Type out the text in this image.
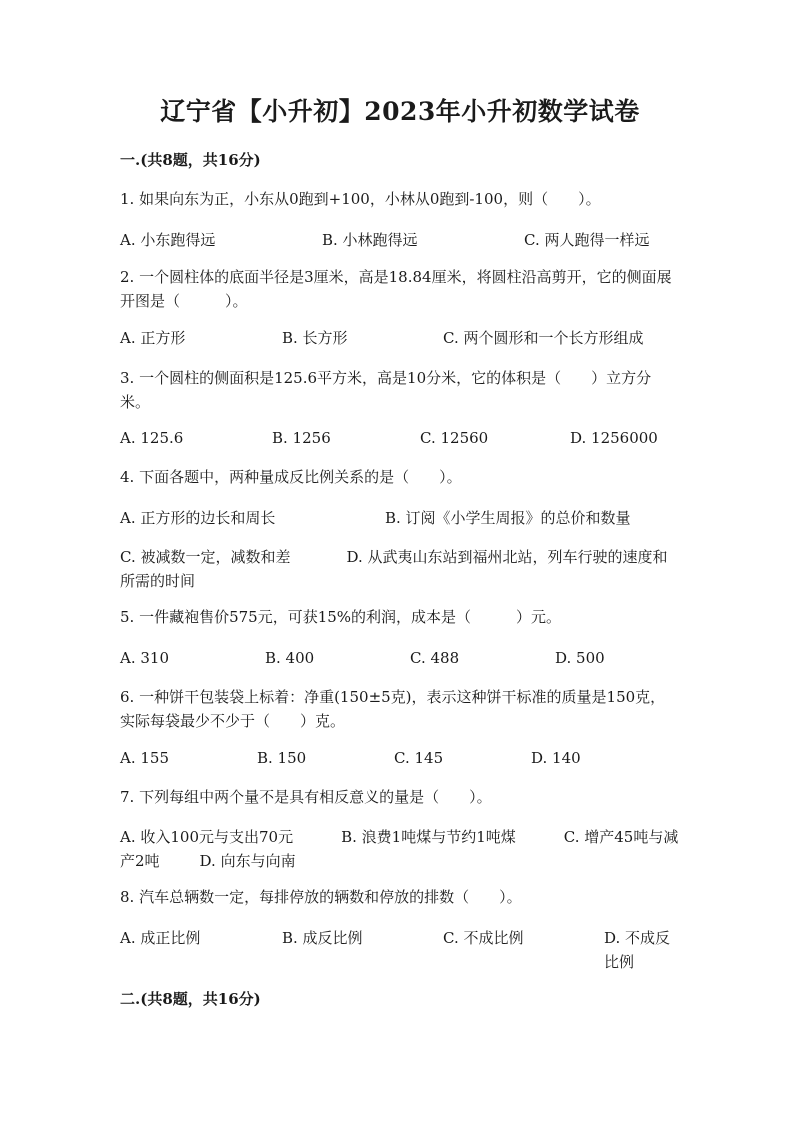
辽宁省【小升初】2023年小升初数学试卷
一.(共8题，共16分)
1. 如果向东为正，小东从0跑到+100，小林从0跑到-100，则（　　）。
A. 小东跑得远	B. 小林跑得远	C. 两人跑得一样远
2. 一个圆柱体的底面半径是3厘米，高是18.84厘米，将圆柱沿高剪开，它的侧面展开图是（　　　）。
A. 正方形	B. 长方形	C. 两个圆形和一个长方形组成
3. 一个圆柱的侧面积是125.6平方米，高是10分米，它的体积是（　　）立方分米。
A. 125.6	B. 1256	C. 12560	D. 1256000
4. 下面各题中，两种量成反比例关系的是（　　）。
A. 正方形的边长和周长	B. 订阅《小学生周报》的总价和数量
C. 被减数一定，减数和差	D. 从武夷山东站到福州北站，列车行驶的速度和所需的时间
5. 一件藏袍售价575元，可获15%的利润，成本是（　　　）元。
A. 310	B. 400	C. 488	D. 500
6. 一种饼干包装袋上标着：净重(150±5克)，表示这种饼干标准的质量是150克，实际每袋最少不少于（　　）克。
A. 155	B. 150	C. 145	D. 140
7. 下列每组中两个量不是具有相反意义的量是（　　）。
A. 收入100元与支出70元	B. 浪费1吨煤与节约1吨煤	C. 增产45吨与减产2吨	D. 向东与向南
8. 汽车总辆数一定，每排停放的辆数和停放的排数（　　）。
A. 成正比例	B. 成反比例	C. 不成比例	D. 不成反比例
二.(共8题，共16分)
